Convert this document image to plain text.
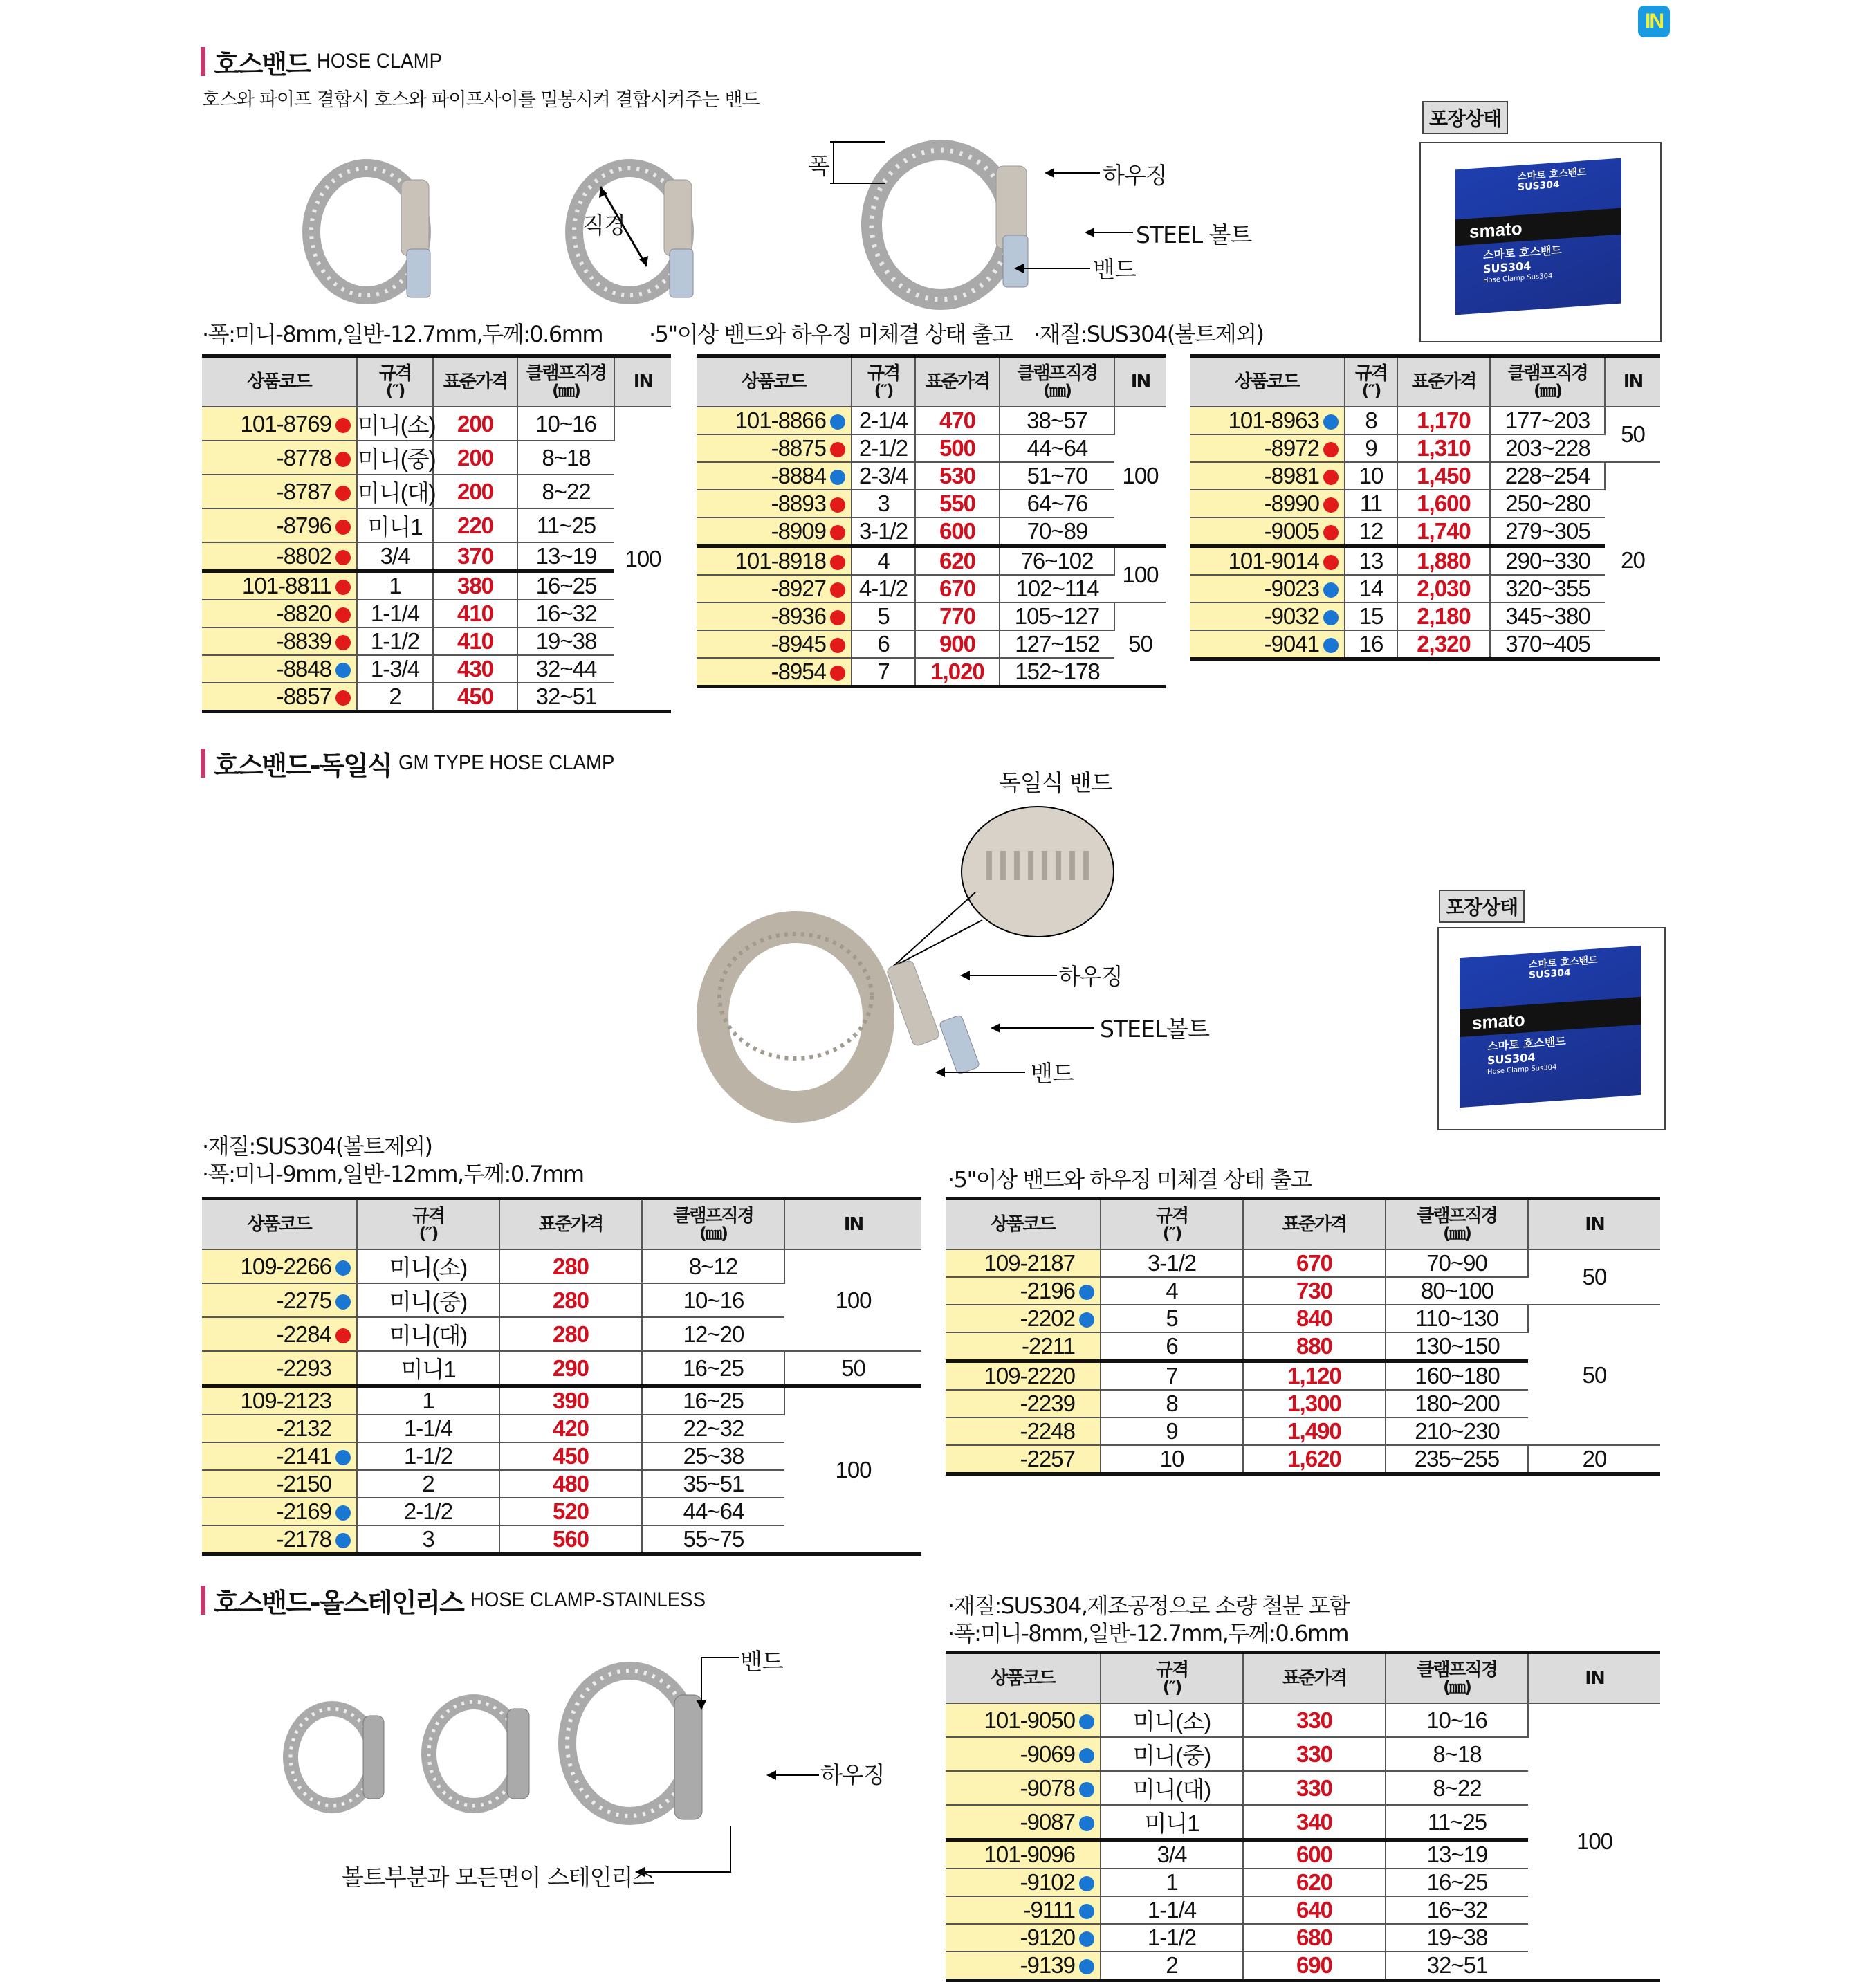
IN
호스밴드 HOSE CLAMP
호스와 파이프 결합시 호스와 파이프사이를 밀봉시켜 결합시켜주는 밴드
직경
폭	하우징
STEEL 볼트
밴드
포장상태
스마토 호스밴드 SUS304
smato
스마토 호스밴드
SUS304
Hose Clamp Sus304
·폭:미니-8mm,일반-12.7mm,두께:0.6mm ·5"이상 밴드와 하우징 미체결 상태 출고 ·재질:SUS304(볼트제외)
상품코드	규격
(″)	표준가격	클램프직경
(㎜)	IN
101-8769	미니(소)	200	10~16	100
-8778	미니(중)	200	8~18	
-8787	미니(대)	200	8~22	
-8796	미니1	220	11~25	
-8802	3/4	370	13~19	
101-8811	1	380	16~25	
-8820	1-1/4	410	16~32	
-8839	1-1/2	410	19~38	
-8848	1-3/4	430	32~44	
-8857	2	450	32~51	
상품코드	규격
(″)	표준가격	클램프직경
(㎜)	IN
101-8866	2-1/4	470	38~57	100
-8875	2-1/2	500	44~64	
-8884	2-3/4	530	51~70	
-8893	3	550	64~76	
-8909	3-1/2	600	70~89	
101-8918	4	620	76~102	100
-8927	4-1/2	670	102~114	
-8936	5	770	105~127	50
-8945	6	900	127~152	
-8954	7	1,020	152~178	
상품코드	규격
(″)	표준가격	클램프직경
(㎜)	IN
101-8963	8	1,170	177~203	50
-8972	9	1,310	203~228	
-8981	10	1,450	228~254	20
-8990	11	1,600	250~280	
-9005	12	1,740	279~305	
101-9014	13	1,880	290~330	
-9023	14	2,030	320~355	
-9032	15	2,180	345~380	
-9041	16	2,320	370~405	
호스밴드-독일식 GM TYPE HOSE CLAMP
독일식 밴드
하우징
STEEL볼트
밴드
포장상태
스마토 호스밴드 SUS304
smato
스마토 호스밴드
SUS304
Hose Clamp Sus304
·재질:SUS304(볼트제외)
·폭:미니-9mm,일반-12mm,두께:0.7mm	·5"이상 밴드와 하우징 미체결 상태 출고
상품코드	규격
(″)	표준가격	클램프직경
(㎜)	IN
109-2266	미니(소)	280	8~12	100
-2275	미니(중)	280	10~16	
-2284	미니(대)	280	12~20	
-2293	미니1	290	16~25	50
109-2123	1	390	16~25	100
-2132	1-1/4	420	22~32	
-2141	1-1/2	450	25~38	
-2150	2	480	35~51	
-2169	2-1/2	520	44~64	
-2178	3	560	55~75	
상품코드	규격
(″)	표준가격	클램프직경
(㎜)	IN
109-2187	3-1/2	670	70~90	50
-2196	4	730	80~100	
-2202	5	840	110~130	50
-2211	6	880	130~150	
109-2220	7	1,120	160~180	
-2239	8	1,300	180~200	
-2248	9	1,490	210~230	
-2257	10	1,620	235~255	20
호스밴드-올스테인리스 HOSE CLAMP-STAINLESS
밴드
하우징
볼트부분과 모든면이 스테인리스
·재질:SUS304,제조공정으로 소량 철분 포함
·폭:미니-8mm,일반-12.7mm,두께:0.6mm
상품코드	규격
(″)	표준가격	클램프직경
(㎜)	IN
101-9050	미니(소)	330	10~16	100
-9069	미니(중)	330	8~18	
-9078	미니(대)	330	8~22	
-9087	미니1	340	11~25	
101-9096	3/4	600	13~19	
-9102	1	620	16~25	
-9111	1-1/4	640	16~32	
-9120	1-1/2	680	19~38	
-9139	2	690	32~51	
